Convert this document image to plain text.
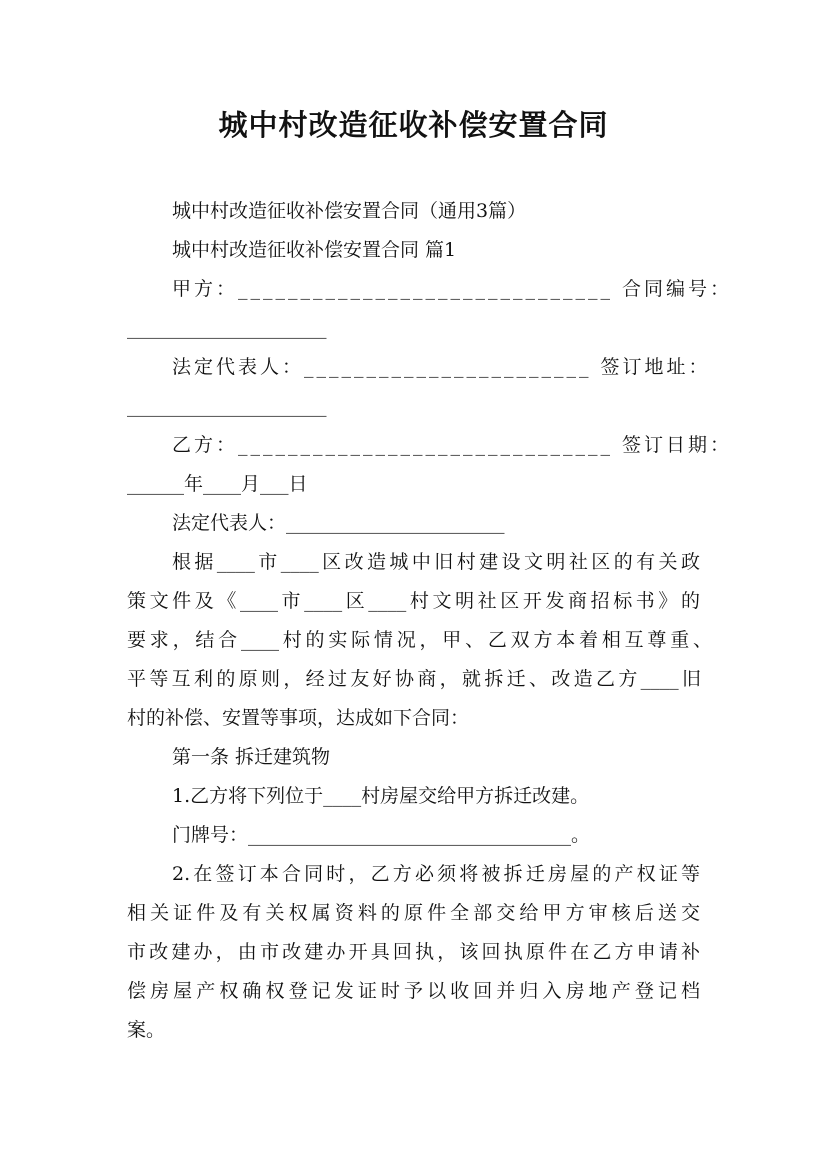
城中村改造征收补偿安置合同
城中村改造征收补偿安置合同（通用3篇）
城中村改造征收补偿安置合同 篇1
甲方：______________________________ 合同编号：
_____________________
法定代表人：_______________________ 签订地址：
_____________________
乙方：______________________________ 签订日期：
______年____月___日
法定代表人：_______________________
根据____市____区改造城中旧村建设文明社区的有关政
策文件及《____市____区____村文明社区开发商招标书》的
要求，结合____村的实际情况，甲、乙双方本着相互尊重、
平等互利的原则，经过友好协商，就拆迁、改造乙方____旧
村的补偿、安置等事项，达成如下合同：
第一条 拆迁建筑物
1.乙方将下列位于____村房屋交给甲方拆迁改建。
门牌号：__________________________________。
2.在签订本合同时，乙方必须将被拆迁房屋的产权证等
相关证件及有关权属资料的原件全部交给甲方审核后送交
市改建办，由市改建办开具回执，该回执原件在乙方申请补
偿房屋产权确权登记发证时予以收回并归入房地产登记档
案。
